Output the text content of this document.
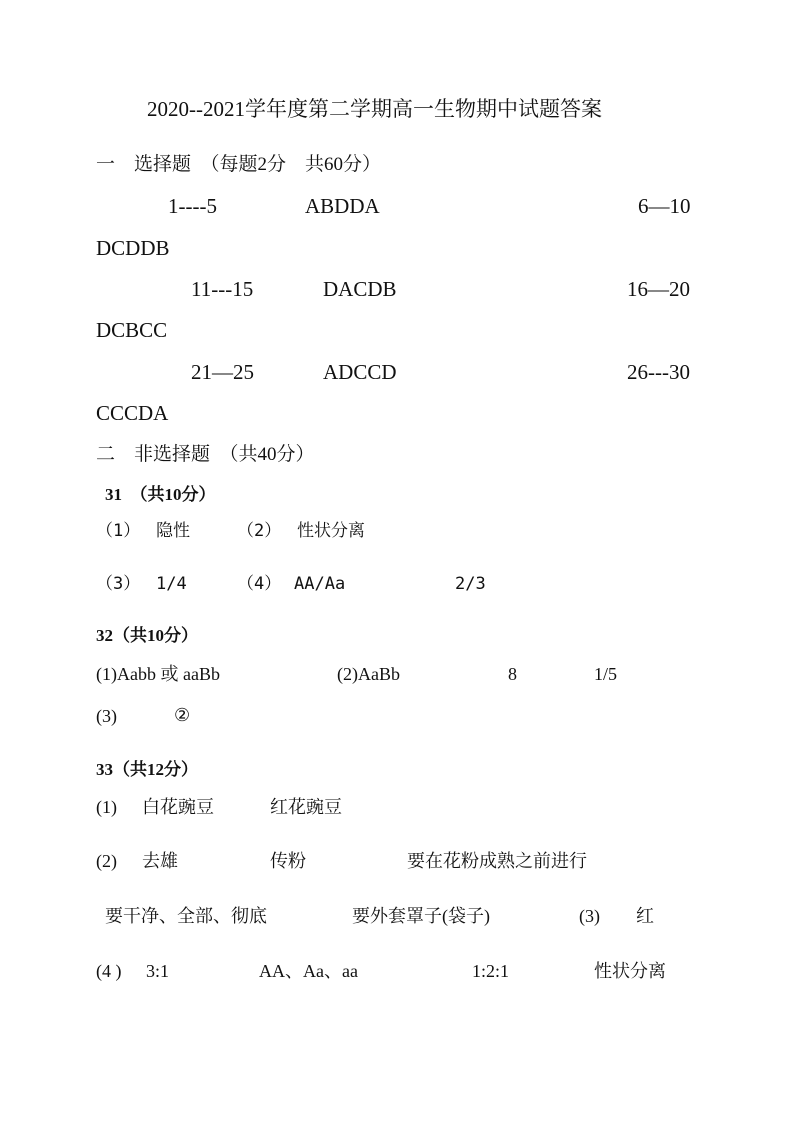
2020--2021学年度第二学期高一生物期中试题答案
一　选择题　（每题2分　共60分）
1----5	ABDDA	6—10
DCDDB
11---15	DACDB	16—20
DCBCC
21—25	ADCCD	26---30
CCCDA
二　非选择题　（共40分）
31　（共10分）
（1） 隐性	（2） 性状分离
（3） 1/4	（4） AA/Aa	2/3
32（共10分）
(1)Aabb 或 aaBb	(2)AaBb	8	1/5
(3)	②
33（共12分）
(1) 白花豌豆	红花豌豆
(2) 去雄	传粉	要在花粉成熟之前进行
要干净、全部、彻底	要外套罩子(袋子)	(3) 红
(4 ) 3:1	AA、Aa、aa	1:2:1	性状分离
